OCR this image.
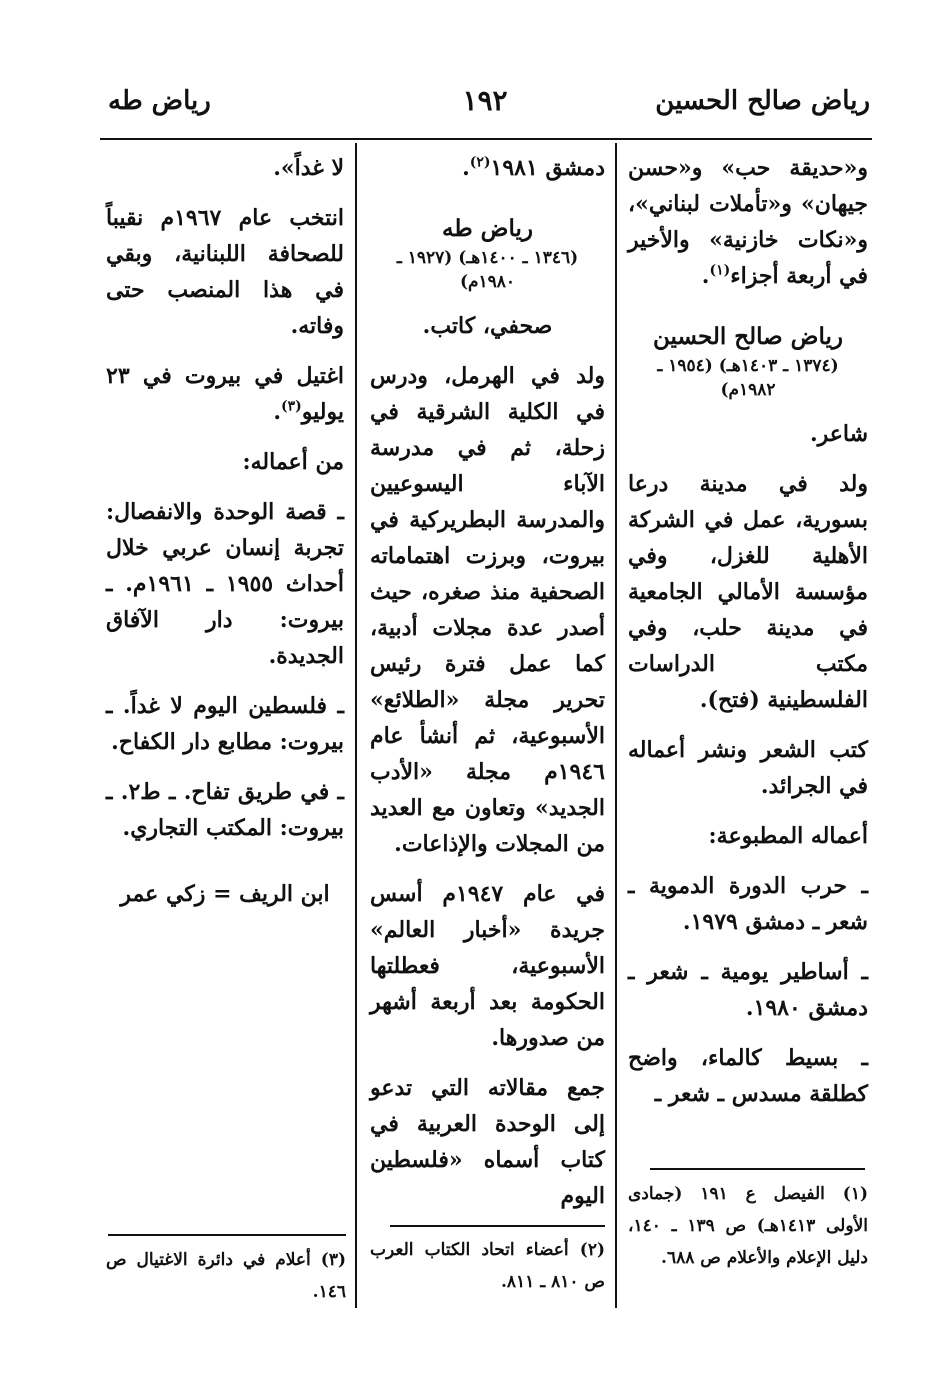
رياض صالح الحسين
١٩٢
رياض طه

و«حديقة حب» و«حسن جيهان» و«تأملات لبناني»، و«نكات خازنية» والأخير في أربعة أجزاء$^{(١)}$.

رياض صالح الحسين

(١٣٧٤ ـ ١٤٠٣هـ) (١٩٥٤ ـ ١٩٨٢م)

شاعر.

ولد في مدينة درعا بسورية، عمل في الشركة الأهلية للغزل، وفي مؤسسة الأمالي الجامعية في مدينة حلب، وفي مكتب الدراسات الفلسطينية (فتح).

كتب الشعر ونشر أعماله في الجرائد.

أعماله المطبوعة:

ـ حرب الدورة الدموية ـ شعر ـ دمشق ١٩٧٩.

ـ أساطير يومية ـ شعر ـ دمشق ١٩٨٠.

ـ بسيط كالماء، واضح كطلقة مسدس ـ شعر ـ

(١) الفيصل ع ١٩١ (جمادى الأولى ١٤١٣هـ) ص ١٣٩ ـ ١٤٠، دليل الإعلام والأعلام ص ٦٨٨.

دمشق ١٩٨١$^{(٢)}$.

رياض طه

(١٣٤٦ ـ ١٤٠٠هـ) (١٩٢٧ ـ ١٩٨٠م)

صحفي، كاتب.

ولد في الهرمل، ودرس في الكلية الشرقية في زحلة، ثم في مدرسة الآباء اليسوعيين والمدرسة البطريركية في بيروت، وبرزت اهتماماته الصحفية منذ صغره، حيث أصدر عدة مجلات أدبية، كما عمل فترة رئيس تحرير مجلة «الطلائع» الأسبوعية، ثم أنشأ عام ١٩٤٦م مجلة «الأدب الجديد» وتعاون مع العديد من المجلات والإذاعات.

في عام ١٩٤٧م أسس جريدة «أخبار العالم» الأسبوعية، فعطلتها الحكومة بعد أربعة أشهر من صدورها.

جمع مقالاته التي تدعو إلى الوحدة العربية في كتاب أسماه «فلسطين اليوم

(٢) أعضاء اتحاد الكتاب العرب ص ٨١٠ ـ ٨١١.

لا غداً».

انتخب عام ١٩٦٧م نقيباً للصحافة اللبنانية، وبقي في هذا المنصب حتى وفاته.

اغتيل في بيروت في ٢٣ يوليو$^{(٣)}$.

من أعماله:

ـ قصة الوحدة والانفصال: تجربة إنسان عربي خلال أحداث ١٩٥٥ ـ ١٩٦١م. ـ بيروت: دار الآفاق الجديدة.

ـ فلسطين اليوم لا غداً. ـ بيروت: مطابع دار الكفاح.

ـ في طريق تفاح. ـ ط٢. ـ بيروت: المكتب التجاري.

ابن الريف = زكي عمر

(٣) أعلام في دائرة الاغتيال ص ١٤٦.
